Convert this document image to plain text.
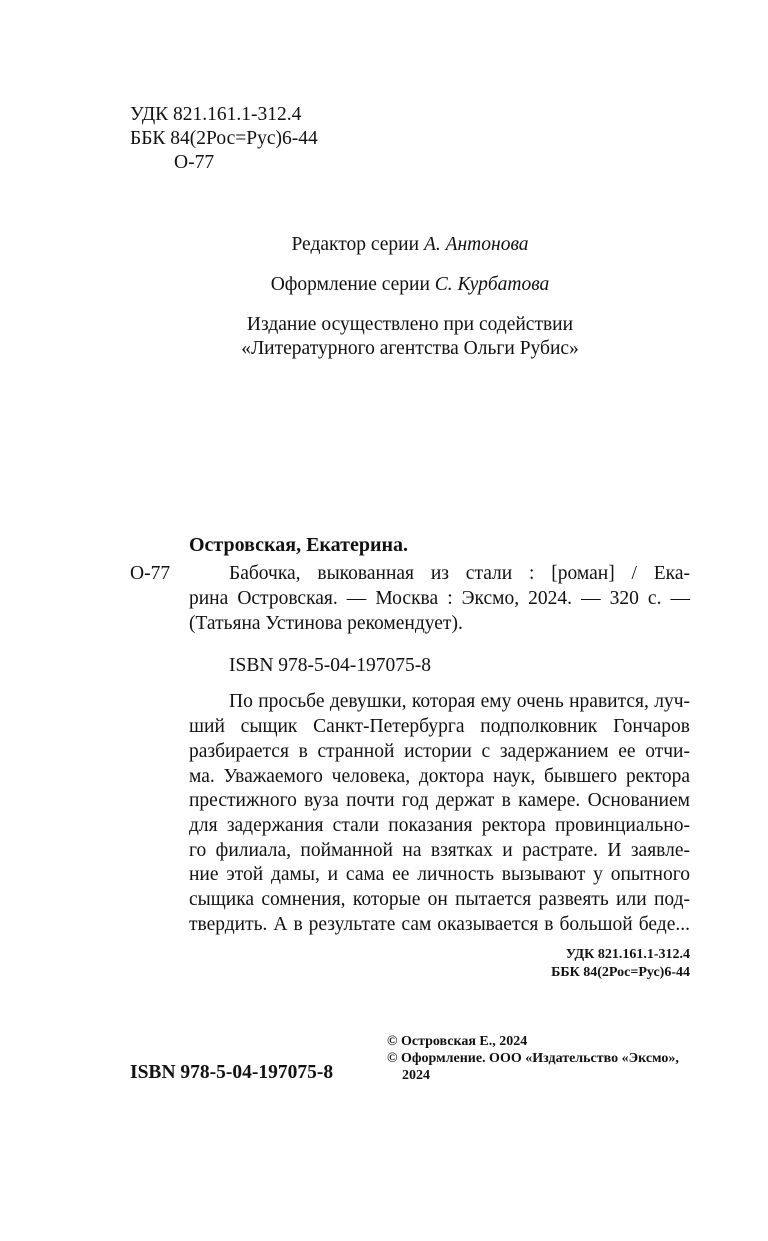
УДК 821.161.1-312.4
ББК 84(2Рос=Рус)6-44
О-77
Редактор серии А. Антонова
Оформление серии С. Курбатова
Издание осуществлено при содействии
«Литературного агентства Ольги Рубис»
Островская, Екатерина.
О-77	Бабочка, выкованная из стали : [роман] / Ека-
рина Островская. — Москва : Эксмо, 2024. — 320 с. —
(Татьяна Устинова рекомендует).
ISBN 978-5-04-197075-8
По просьбе девушки, которая ему очень нравится, луч-
ший сыщик Санкт-Петербурга подполковник Гончаров
разбирается в странной истории с задержанием ее отчи-
ма. Уважаемого человека, доктора наук, бывшего ректора
престижного вуза почти год держат в камере. Основанием
для задержания стали показания ректора провинциально-
го филиала, пойманной на взятках и растрате. И заявле-
ние этой дамы, и сама ее личность вызывают у опытного
сыщика сомнения, которые он пытается развеять или под-
твердить. А в результате сам оказывается в большой беде...
УДК 821.161.1-312.4
ББК 84(2Рос=Рус)6-44
ISBN 978-5-04-197075-8
© Островская Е., 2024
© Оформление. ООО «Издательство «Эксмо»,
2024
